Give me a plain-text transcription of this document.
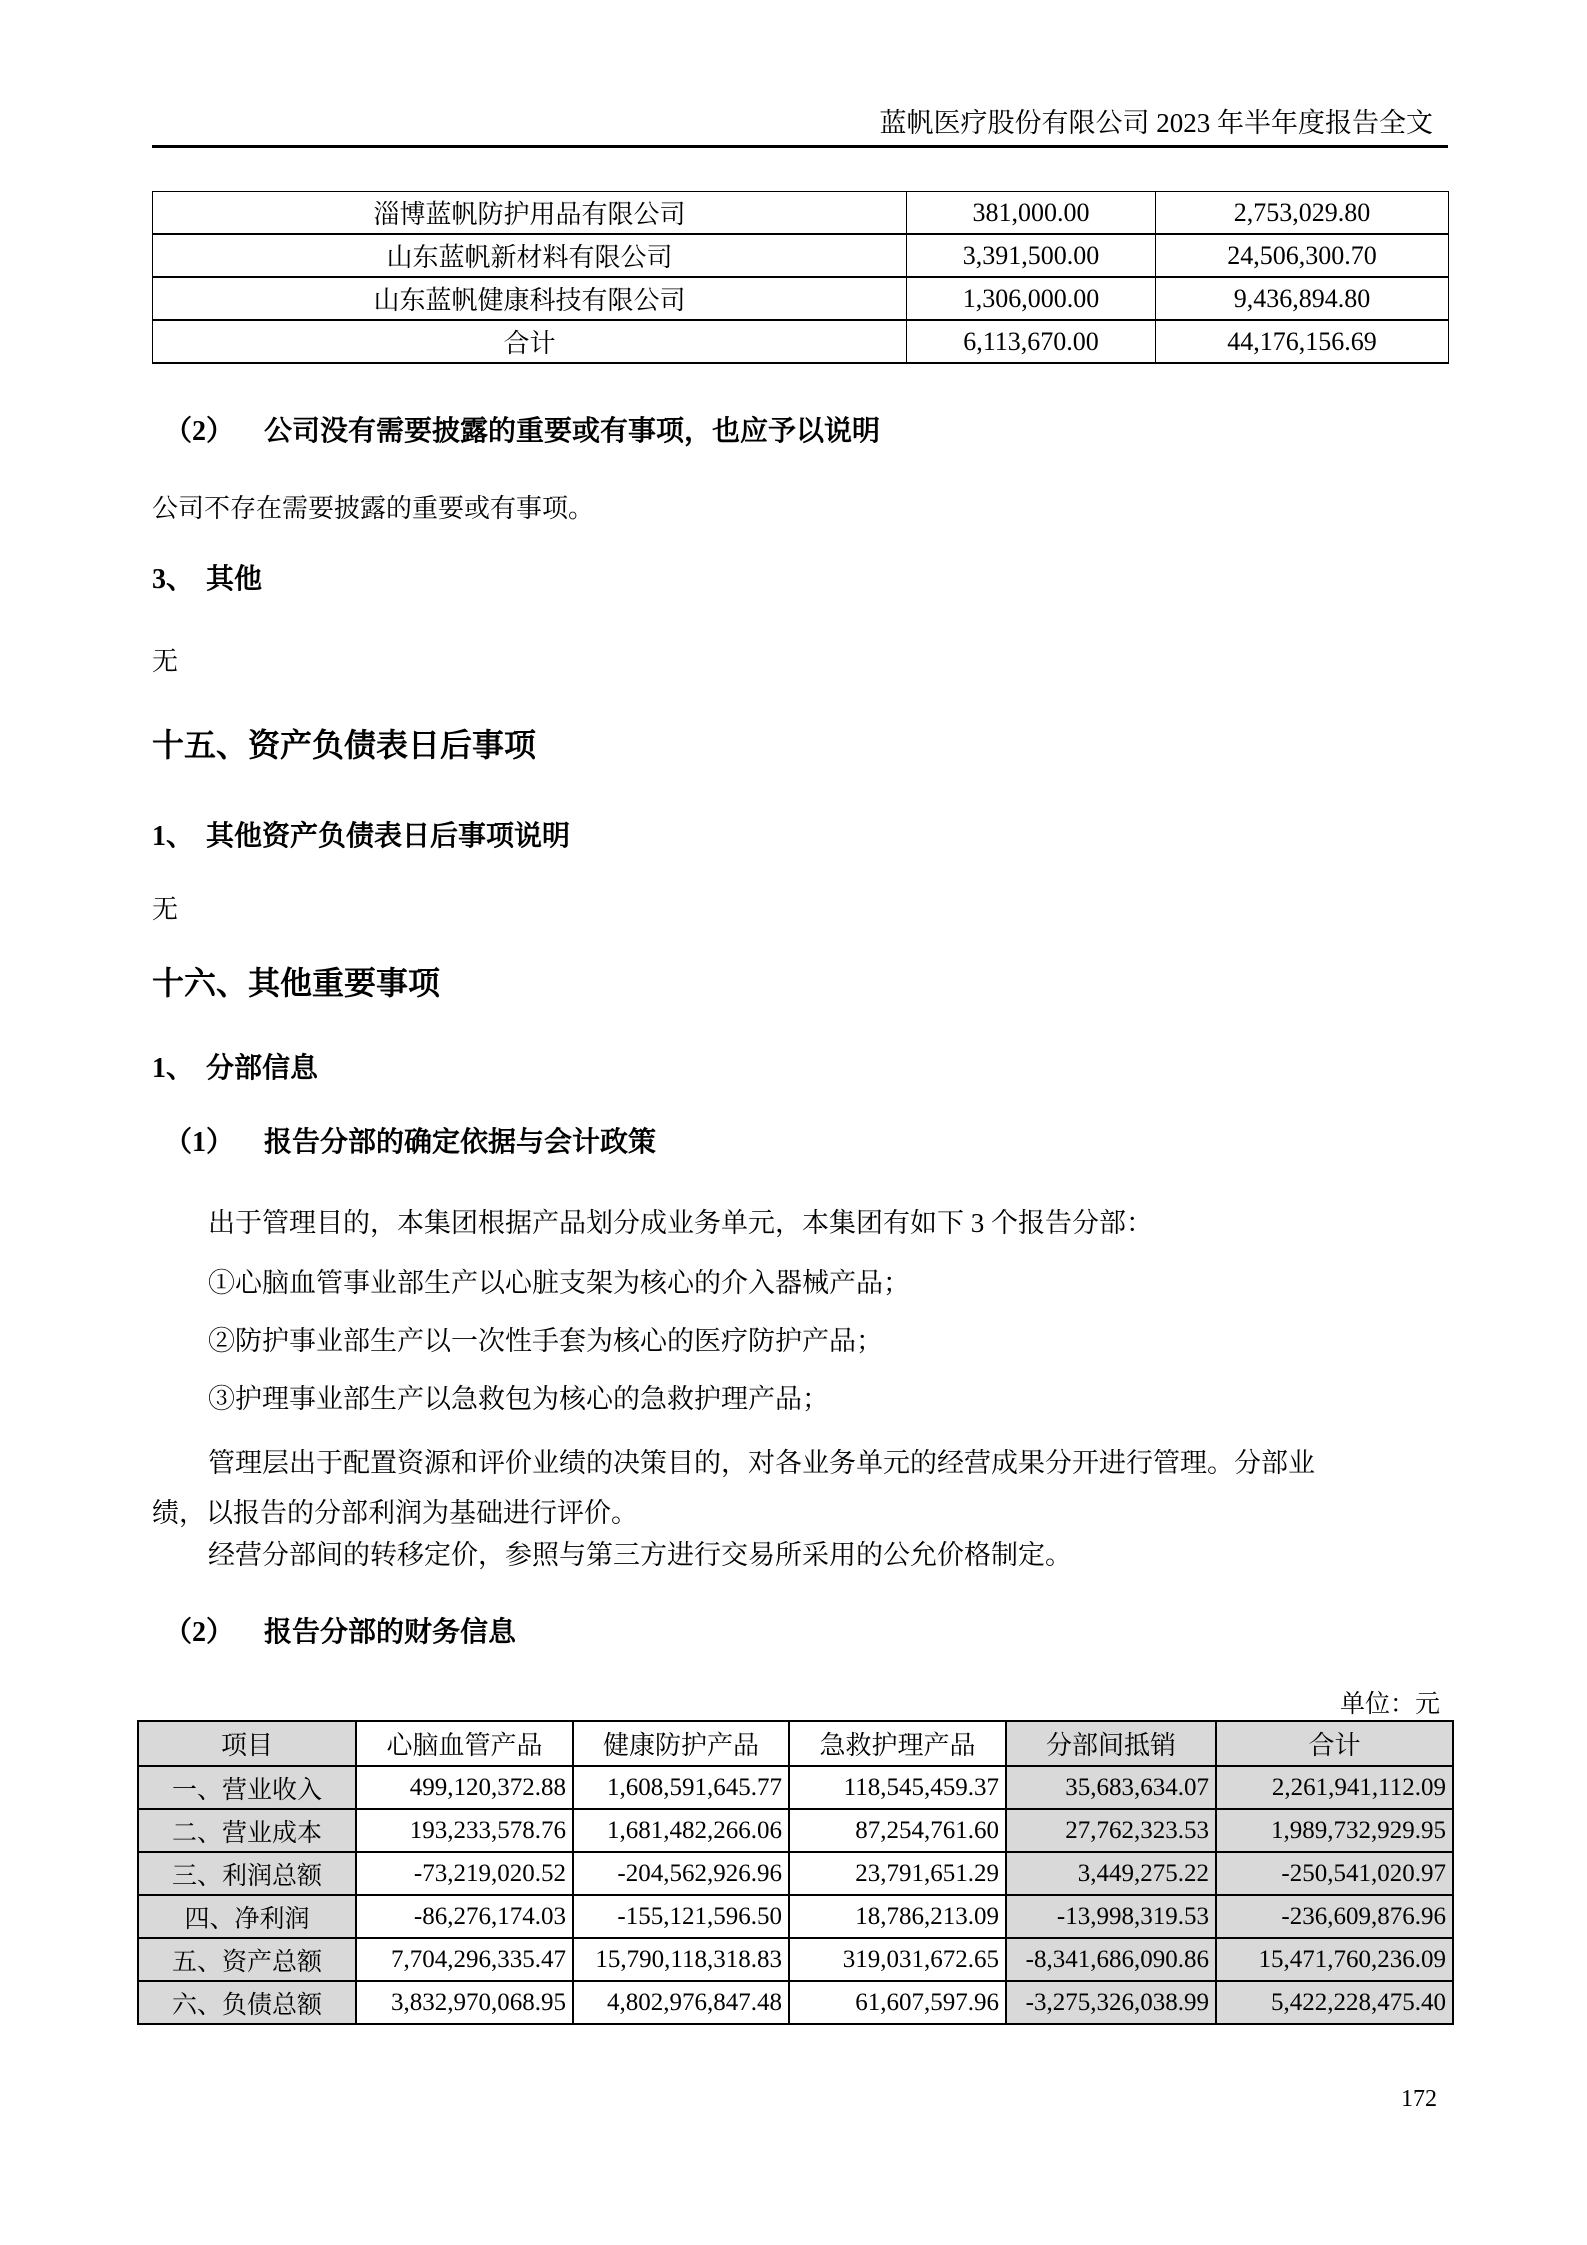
蓝帆医疗股份有限公司 2023 年半年度报告全文
淄博蓝帆防护用品有限公司	381,000.00	2,753,029.80
山东蓝帆新材料有限公司	3,391,500.00	24,506,300.70
山东蓝帆健康科技有限公司	1,306,000.00	9,436,894.80
合计	6,113,670.00	44,176,156.69
（2） 公司没有需要披露的重要或有事项，也应予以说明
公司不存在需要披露的重要或有事项。
3、 其他
无
十五、资产负债表日后事项
1、 其他资产负债表日后事项说明
无
十六、其他重要事项
1、 分部信息
（1） 报告分部的确定依据与会计政策
出于管理目的，本集团根据产品划分成业务单元，本集团有如下 3 个报告分部：
①心脑血管事业部生产以心脏支架为核心的介入器械产品；
②防护事业部生产以一次性手套为核心的医疗防护产品；
③护理事业部生产以急救包为核心的急救护理产品；
管理层出于配置资源和评价业绩的决策目的，对各业务单元的经营成果分开进行管理。分部业
绩，以报告的分部利润为基础进行评价。
经营分部间的转移定价，参照与第三方进行交易所采用的公允价格制定。
（2） 报告分部的财务信息
单位：元
项目	心脑血管产品	健康防护产品	急救护理产品	分部间抵销	合计
一、营业收入	499,120,372.88	1,608,591,645.77	118,545,459.37	35,683,634.07	2,261,941,112.09
二、营业成本	193,233,578.76	1,681,482,266.06	87,254,761.60	27,762,323.53	1,989,732,929.95
三、利润总额	-73,219,020.52	-204,562,926.96	23,791,651.29	3,449,275.22	-250,541,020.97
四、净利润	-86,276,174.03	-155,121,596.50	18,786,213.09	-13,998,319.53	-236,609,876.96
五、资产总额	7,704,296,335.47	15,790,118,318.83	319,031,672.65	-8,341,686,090.86	15,471,760,236.09
六、负债总额	3,832,970,068.95	4,802,976,847.48	61,607,597.96	-3,275,326,038.99	5,422,228,475.40
172
